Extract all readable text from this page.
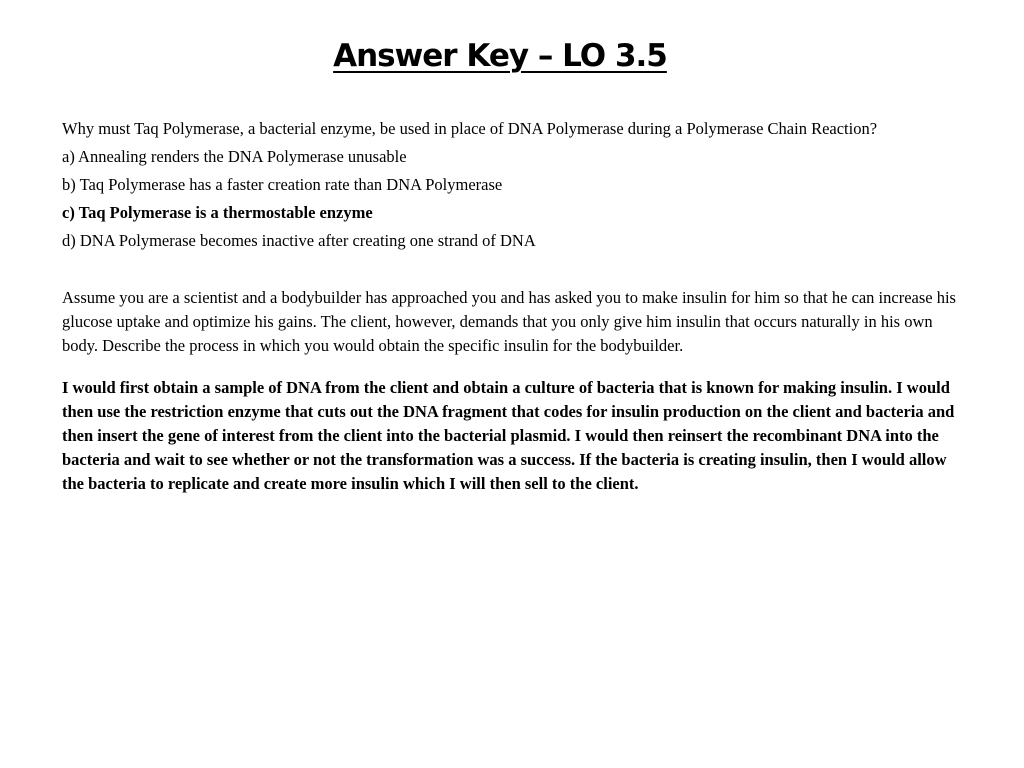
Answer Key – LO 3.5

Why must Taq Polymerase, a bacterial enzyme, be used in place of DNA Polymerase during a Polymerase Chain Reaction?

a) Annealing renders the DNA Polymerase unusable

b) Taq Polymerase has a faster creation rate than DNA Polymerase

c) Taq Polymerase is a thermostable enzyme

d) DNA Polymerase becomes inactive after creating one strand of DNA

Assume you are a scientist and a bodybuilder has approached you and has asked you to make insulin for him so that he can increase his glucose uptake and optimize his gains. The client, however, demands that you only give him insulin that occurs naturally in his own body. Describe the process in which you would obtain the specific insulin for the bodybuilder.

I would first obtain a sample of DNA from the client and obtain a culture of bacteria that is known for making insulin. I would then use the restriction enzyme that cuts out the DNA fragment that codes for insulin production on the client and bacteria and then insert the gene of interest from the client into the bacterial plasmid. I would then reinsert the recombinant DNA into the bacteria and wait to see whether or not the transformation was a success. If the bacteria is creating insulin, then I would allow the bacteria to replicate and create more insulin which I will then sell to the client.
